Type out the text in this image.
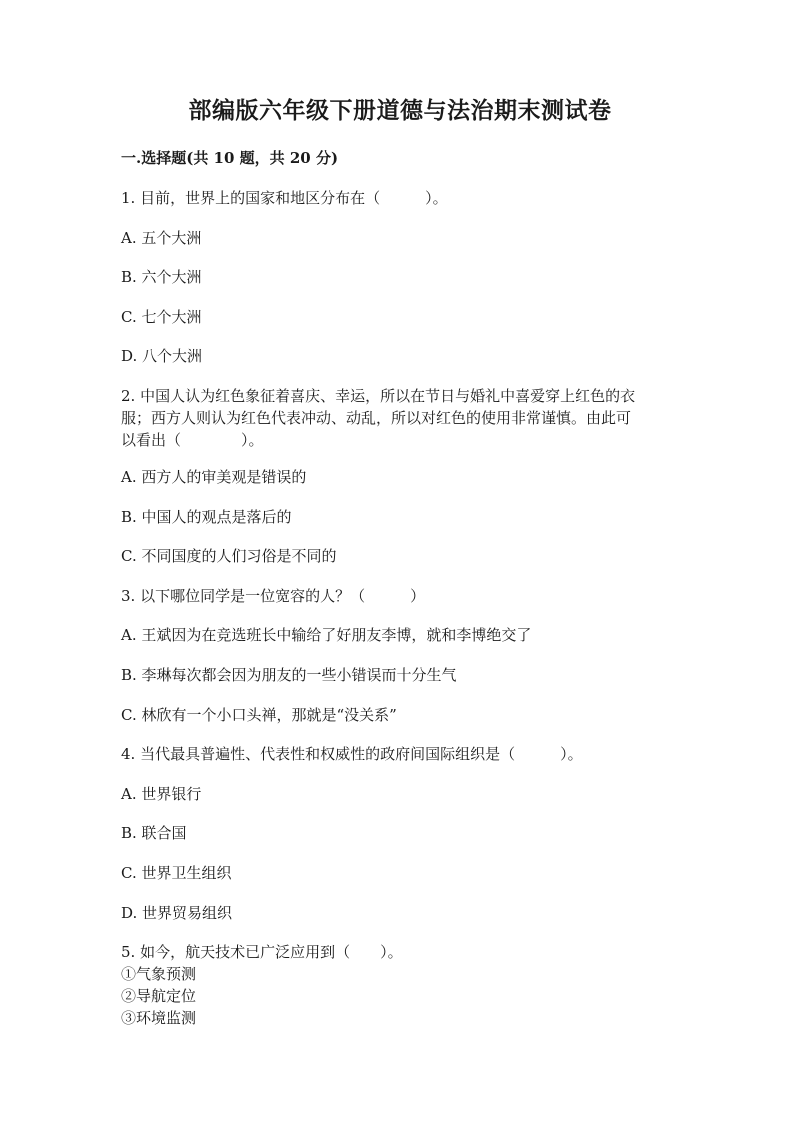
部编版六年级下册道德与法治期末测试卷

一.选择题(共 10 题，共 20 分)

1. 目前，世界上的国家和地区分布在（　　　）。

A. 五个大洲

B. 六个大洲

C. 七个大洲

D. 八个大洲

2. 中国人认为红色象征着喜庆、幸运，所以在节日与婚礼中喜爱穿上红色的衣
服；西方人则认为红色代表冲动、动乱，所以对红色的使用非常谨慎。由此可
以看出（　　　　）。

A. 西方人的审美观是错误的

B. 中国人的观点是落后的

C. 不同国度的人们习俗是不同的

3. 以下哪位同学是一位宽容的人？（　　　）

A. 王斌因为在竞选班长中输给了好朋友李博，就和李博绝交了

B. 李琳每次都会因为朋友的一些小错误而十分生气

C. 林欣有一个小口头禅，那就是“没关系”

4. 当代最具普遍性、代表性和权威性的政府间国际组织是（　　　）。

A. 世界银行

B. 联合国

C. 世界卫生组织

D. 世界贸易组织

5. 如今，航天技术已广泛应用到（　　）。

①气象预测
②导航定位
③环境监测
